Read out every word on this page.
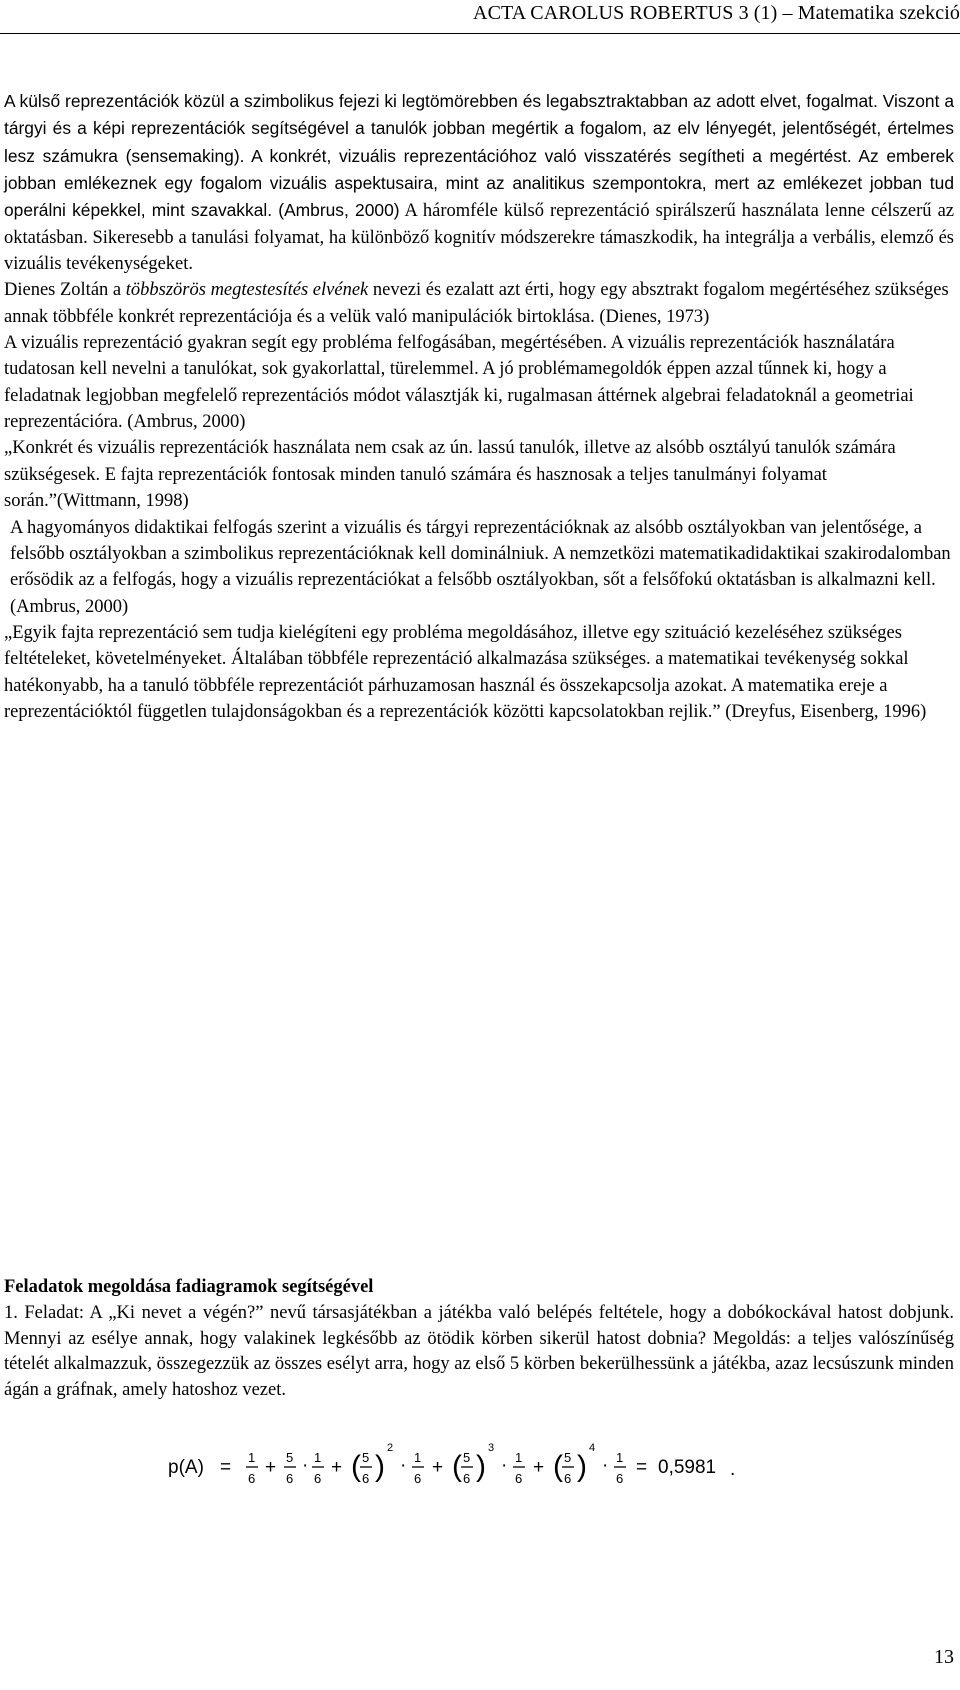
ACTA CAROLUS ROBERTUS 3 (1) – Matematika szekció
A külső reprezentációk közül a szimbolikus fejezi ki legtömörebben és legabsztraktabban az adott elvet, fogalmat. Viszont a tárgyi és a képi reprezentációk segítségével a tanulók jobban megértik a fogalom, az elv lényegét, jelentőségét, értelmes lesz számukra (sensemaking). A konkrét, vizuális reprezentációhoz való visszatérés segítheti a megértést. Az emberek jobban emlékeznek egy fogalom vizuális aspektusaira, mint az analitikus szempontokra, mert az emlékezet jobban tud operálni képekkel, mint szavakkal. (Ambrus, 2000) A háromféle külső reprezentáció spirálszerű használata lenne célszerű az oktatásban. Sikeresebb a tanulási folyamat, ha különböző kognitív módszerekre támaszkodik, ha integrálja a verbális, elemző és vizuális tevékenységeket.
Dienes Zoltán a többszörös megtestesítés elvének nevezi és ezalatt azt érti, hogy egy absztrakt fogalom megértéséhez szükséges annak többféle konkrét reprezentációja és a velük való manipulációk birtoklása. (Dienes, 1973)
A vizuális reprezentáció gyakran segít egy probléma felfogásában, megértésében. A vizuális reprezentációk használatára tudatosan kell nevelni a tanulókat, sok gyakorlattal, türelemmel. A jó problémamegoldók éppen azzal tűnnek ki, hogy a feladatnak legjobban megfelelő reprezentációs módot választják ki, rugalmasan áttérnek algebrai feladatoknál a geometriai reprezentációra. (Ambrus, 2000)
„Konkrét és vizuális reprezentációk használata nem csak az ún. lassú tanulók, illetve az alsóbb osztályú tanulók számára szükségesek. E fajta reprezentációk fontosak minden tanuló számára és hasznosak a teljes tanulmányi folyamat során.”(Wittmann, 1998)
A hagyományos didaktikai felfogás szerint a vizuális és tárgyi reprezentációknak az alsóbb osztályokban van jelentősége, a felsőbb osztályokban a szimbolikus reprezentációknak kell dominálniuk. A nemzetközi matematikadidaktikai szakirodalomban erősödik az a felfogás, hogy a vizuális reprezentációkat a felsőbb osztályokban, sőt a felsőfokú oktatásban is alkalmazni kell. (Ambrus, 2000)
„Egyik fajta reprezentáció sem tudja kielégíteni egy probléma megoldásához, illetve egy szituáció kezeléséhez szükséges feltételeket, követelményeket. Általában többféle reprezentáció alkalmazása szükséges. a matematikai tevékenység sokkal hatékonyabb, ha a tanuló többféle reprezentációt párhuzamosan használ és összekapcsolja azokat. A matematika ereje a reprezentációktól független tulajdonságokban és a reprezentációk közötti kapcsolatokban rejlik.” (Dreyfus, Eisenberg, 1996)
Feladatok megoldása fadiagramok segítségével
1. Feladat: A „Ki nevet a végén?” nevű társasjátékban a játékba való belépés feltétele, hogy a dobókockával hatost dobjunk. Mennyi az esélye annak, hogy valakinek legkésőbb az ötödik körben sikerül hatost dobnia? Megoldás: a teljes valószínűség tételét alkalmazzuk, összegezzük az összes esélyt arra, hogy az első 5 körben bekerülhessünk a játékba, azaz lecsúszunk minden ágán a gráfnak, amely hatoshoz vezet.
p(A) = 1
6
+ 5
6
· 1
6
+ ( 5
6 )
2
· 1
6
+ ( 5
6 )
3
· 1
6
+ ( 5
6 )
4
· 1
6
= 0,5981 .
13
